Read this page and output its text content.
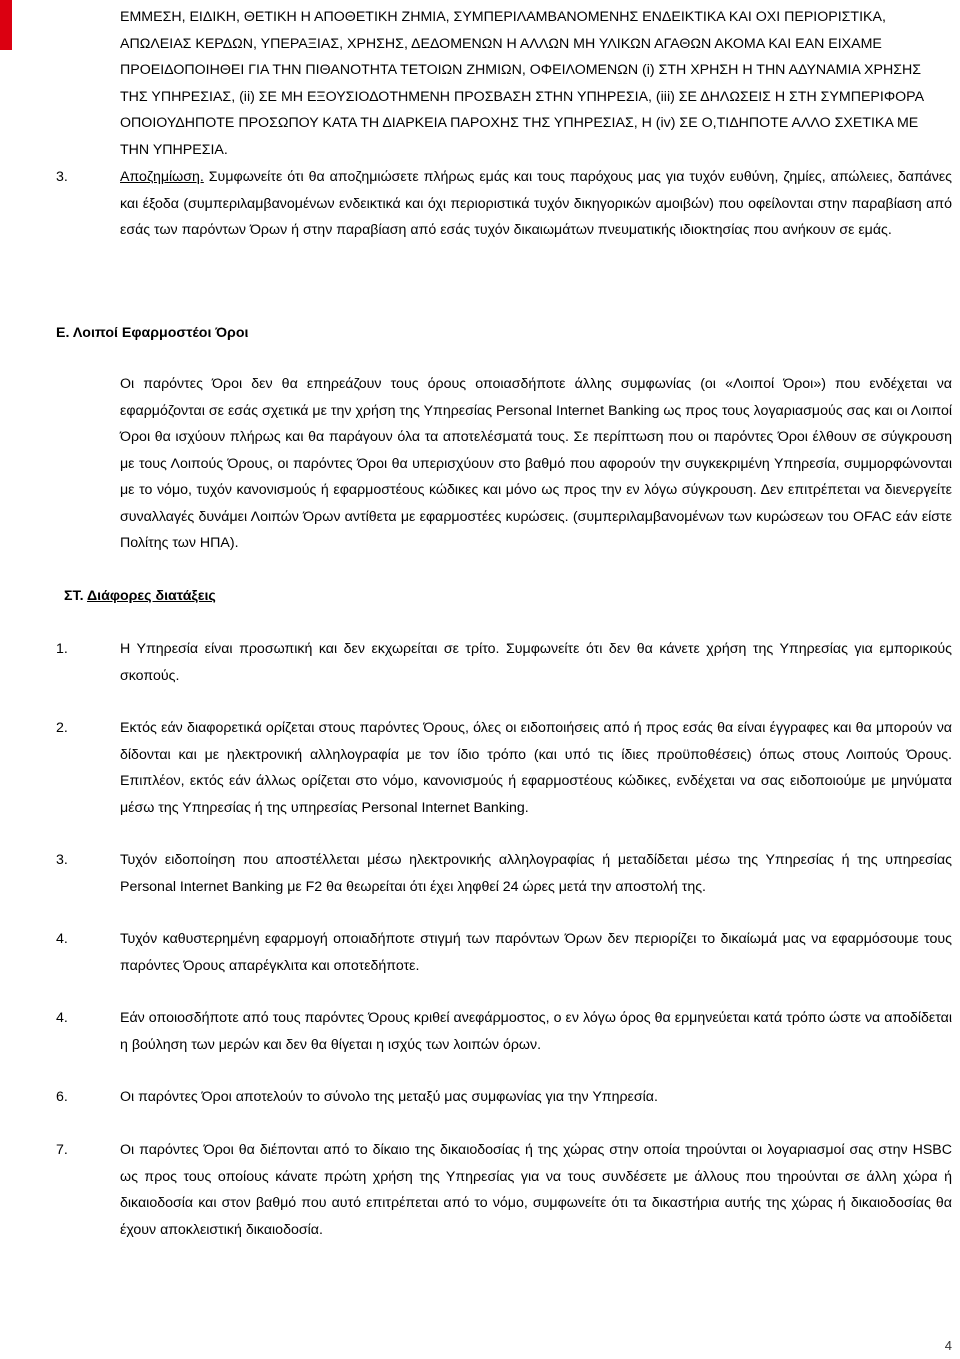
ΕΜΜΕΣΗ, ΕΙΔΙΚΗ, ΘΕΤΙΚΗ Η ΑΠΟΘΕΤΙΚΗ ΖΗΜΙΑ, ΣΥΜΠΕΡΙΛΑΜΒΑΝΟΜΕΝΗΣ ΕΝΔΕΙΚΤΙΚΑ ΚΑΙ ΟΧΙ ΠΕΡΙΟΡΙΣΤΙΚΑ, ΑΠΩΛΕΙΑΣ ΚΕΡΔΩΝ, ΥΠΕΡΑΞΙΑΣ, ΧΡΗΣΗΣ, ΔΕΔΟΜΕΝΩΝ Η ΑΛΛΩΝ ΜΗ ΥΛΙΚΩΝ ΑΓΑΘΩΝ ΑΚΟΜΑ ΚΑΙ ΕΑΝ ΕΙΧΑΜΕ ΠΡΟΕΙΔΟΠΟΙΗΘΕΙ ΓΙΑ ΤΗΝ ΠΙΘΑΝΟΤΗΤΑ ΤΕΤΟΙΩΝ ΖΗΜΙΩΝ, ΟΦΕΙΛΟΜΕΝΩΝ (i) ΣΤΗ ΧΡΗΣΗ Η ΤΗΝ ΑΔΥΝΑΜΙΑ ΧΡΗΣΗΣ ΤΗΣ ΥΠΗΡΕΣΙΑΣ, (ii) ΣΕ ΜΗ ΕΞΟΥΣΙΟΔΟΤΗΜΕΝΗ ΠΡΟΣΒΑΣΗ ΣΤΗΝ ΥΠΗΡΕΣΙΑ, (iii) ΣΕ ΔΗΛΩΣΕΙΣ Η ΣΤΗ ΣΥΜΠΕΡΙΦΟΡΑ ΟΠΟΙΟΥΔΗΠΟΤΕ ΠΡΟΣΩΠΟΥ ΚΑΤΑ ΤΗ ΔΙΑΡΚΕΙΑ ΠΑΡΟΧΗΣ ΤΗΣ ΥΠΗΡΕΣΙΑΣ, Η (iv) ΣΕ Ο,ΤΙΔΗΠΟΤΕ ΑΛΛΟ ΣΧΕΤΙΚΑ ΜΕ ΤΗΝ ΥΠΗΡΕΣΙΑ.

3.	Αποζημίωση. Συμφωνείτε ότι θα αποζημιώσετε πλήρως εμάς και τους παρόχους μας για τυχόν ευθύνη, ζημίες, απώλειες, δαπάνες και έξοδα (συμπεριλαμβανομένων ενδεικτικά και όχι περιοριστικά τυχόν δικηγορικών αμοιβών) που οφείλονται στην παραβίαση από εσάς των παρόντων Όρων ή στην παραβίαση από εσάς τυχόν δικαιωμάτων πνευματικής ιδιοκτησίας που ανήκουν σε εμάς.

Ε. Λοιποί Εφαρμοστέοι Όροι

Οι παρόντες Όροι δεν θα επηρεάζουν τους όρους οποιασδήποτε άλλης συμφωνίας (οι «Λοιποί Όροι») που ενδέχεται να εφαρμόζονται σε εσάς σχετικά με την χρήση της Υπηρεσίας Personal Internet Banking ως προς τους λογαριασμούς σας και οι Λοιποί Όροι θα ισχύουν πλήρως και θα παράγουν όλα τα αποτελέσματά τους. Σε περίπτωση που οι παρόντες Όροι έλθουν σε σύγκρουση με τους Λοιπούς Όρους, οι παρόντες Όροι θα υπερισχύουν στο βαθμό που αφορούν την συγκεκριμένη Υπηρεσία, συμμορφώνονται με το νόμο, τυχόν κανονισμούς ή εφαρμοστέους κώδικες και μόνο ως προς την εν λόγω σύγκρουση. Δεν επιτρέπεται να διενεργείτε συναλλαγές δυνάμει Λοιπών Όρων αντίθετα με εφαρμοστέες κυρώσεις. (συμπεριλαμβανομένων των κυρώσεων του OFAC εάν είστε Πολίτης των ΗΠΑ).

ΣΤ. Διάφορες διατάξεις

1.	Η Υπηρεσία είναι προσωπική και δεν εκχωρείται σε τρίτο. Συμφωνείτε ότι δεν θα κάνετε χρήση της Υπηρεσίας για εμπορικούς σκοπούς.

2.	Εκτός εάν διαφορετικά ορίζεται στους παρόντες Όρους, όλες οι ειδοποιήσεις από ή προς εσάς θα είναι έγγραφες και θα μπορούν να δίδονται και με ηλεκτρονική αλληλογραφία με τον ίδιο τρόπο (και υπό τις ίδιες προϋποθέσεις) όπως στους Λοιπούς Όρους. Επιπλέον, εκτός εάν άλλως ορίζεται στο νόμο, κανονισμούς ή εφαρμοστέους κώδικες, ενδέχεται να σας ειδοποιούμε με μηνύματα μέσω της Υπηρεσίας ή της υπηρεσίας Personal Internet Banking.

3.	Τυχόν ειδοποίηση που αποστέλλεται μέσω ηλεκτρονικής αλληλογραφίας ή μεταδίδεται μέσω της Υπηρεσίας ή της υπηρεσίας Personal Internet Banking με F2 θα θεωρείται ότι έχει ληφθεί 24 ώρες μετά την αποστολή της.

4.	Τυχόν καθυστερημένη εφαρμογή οποιαδήποτε στιγμή των παρόντων Όρων δεν περιορίζει το δικαίωμά μας να εφαρμόσουμε τους παρόντες Όρους απαρέγκλιτα και οποτεδήποτε.

4.	Εάν οποιοσδήποτε από τους παρόντες Όρους κριθεί ανεφάρμοστος, ο εν λόγω όρος θα ερμηνεύεται κατά τρόπο ώστε να αποδίδεται η βούληση των μερών και δεν θα θίγεται η ισχύς των λοιπών όρων.

6.	Οι παρόντες Όροι αποτελούν το σύνολο της μεταξύ μας συμφωνίας για την Υπηρεσία.

7.	Οι παρόντες Όροι θα διέπονται από το δίκαιο της δικαιοδοσίας ή της χώρας στην οποία τηρούνται οι λογαριασμοί σας στην HSBC ως προς τους οποίους κάνατε πρώτη χρήση της Υπηρεσίας για να τους συνδέσετε με άλλους που τηρούνται σε άλλη χώρα ή δικαιοδοσία και στον βαθμό που αυτό επιτρέπεται από το νόμο, συμφωνείτε ότι τα δικαστήρια αυτής της χώρας ή δικαιοδοσίας θα έχουν αποκλειστική δικαιοδοσία.

4
